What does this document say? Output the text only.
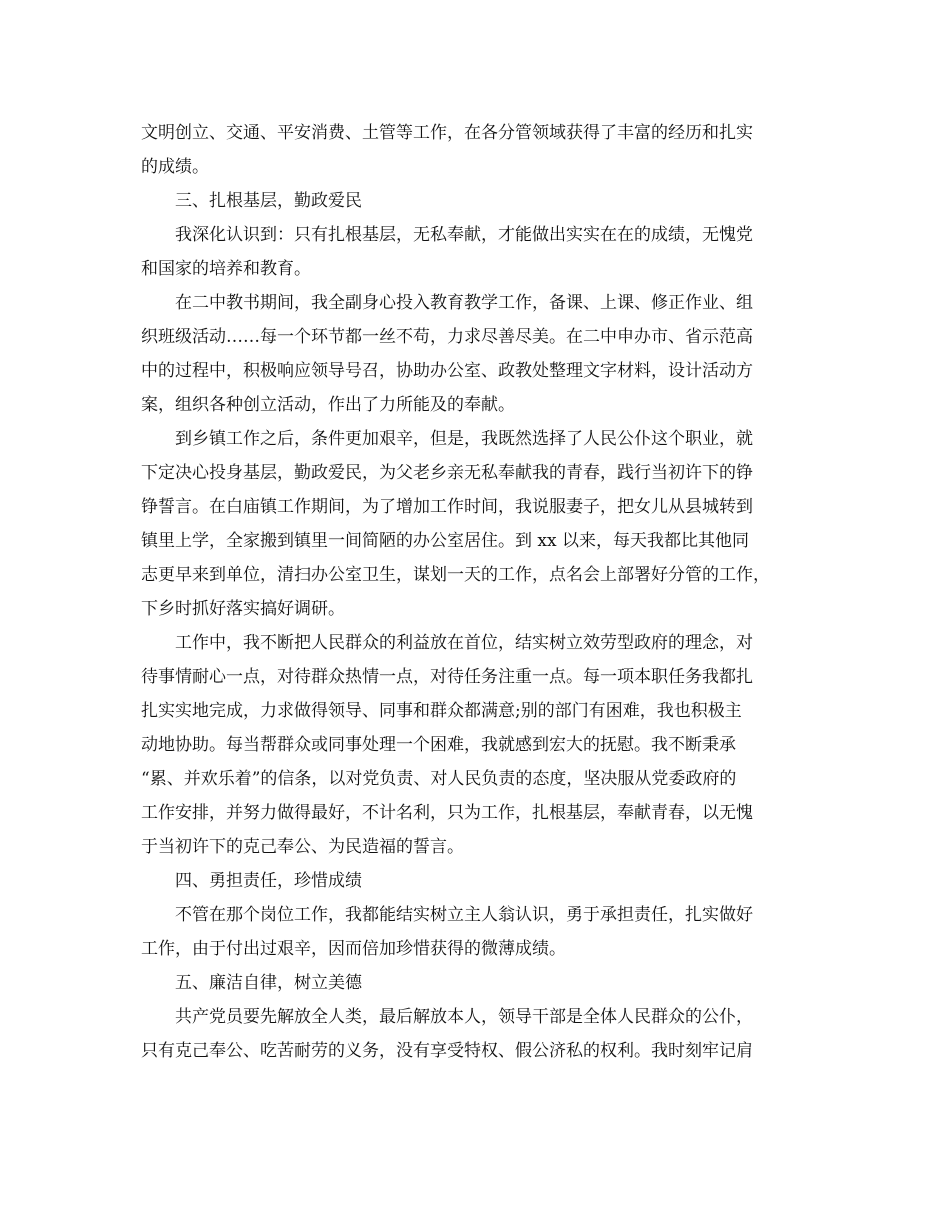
文明创立、交通、平安消费、土管等工作，在各分管领域获得了丰富的经历和扎实
的成绩。
三、扎根基层，勤政爱民
我深化认识到：只有扎根基层，无私奉献，才能做出实实在在的成绩，无愧党
和国家的培养和教育。
在二中教书期间，我全副身心投入教育教学工作，备课、上课、修正作业、组
织班级活动……每一个环节都一丝不苟，力求尽善尽美。在二中申办市、省示范高
中的过程中，积极响应领导号召，协助办公室、政教处整理文字材料，设计活动方
案，组织各种创立活动，作出了力所能及的奉献。
到乡镇工作之后，条件更加艰辛，但是，我既然选择了人民公仆这个职业，就
下定决心投身基层，勤政爱民，为父老乡亲无私奉献我的青春，践行当初许下的铮
铮誓言。在白庙镇工作期间，为了增加工作时间，我说服妻子，把女儿从县城转到
镇里上学，全家搬到镇里一间简陋的办公室居住。到 xx 以来，每天我都比其他同
志更早来到单位，清扫办公室卫生，谋划一天的工作，点名会上部署好分管的工作，
下乡时抓好落实搞好调研。
工作中，我不断把人民群众的利益放在首位，结实树立效劳型政府的理念，对
待事情耐心一点，对待群众热情一点，对待任务注重一点。每一项本职任务我都扎
扎实实地完成，力求做得领导、同事和群众都满意;别的部门有困难，我也积极主
动地协助。每当帮群众或同事处理一个困难，我就感到宏大的抚慰。我不断秉承
“累、并欢乐着”的信条，以对党负责、对人民负责的态度，坚决服从党委政府的
工作安排，并努力做得最好，不计名利，只为工作，扎根基层，奉献青春，以无愧
于当初许下的克己奉公、为民造福的誓言。
四、勇担责任，珍惜成绩
不管在那个岗位工作，我都能结实树立主人翁认识，勇于承担责任，扎实做好
工作，由于付出过艰辛，因而倍加珍惜获得的微薄成绩。
五、廉洁自律，树立美德
共产党员要先解放全人类，最后解放本人，领导干部是全体人民群众的公仆，
只有克己奉公、吃苦耐劳的义务，没有享受特权、假公济私的权利。我时刻牢记肩
